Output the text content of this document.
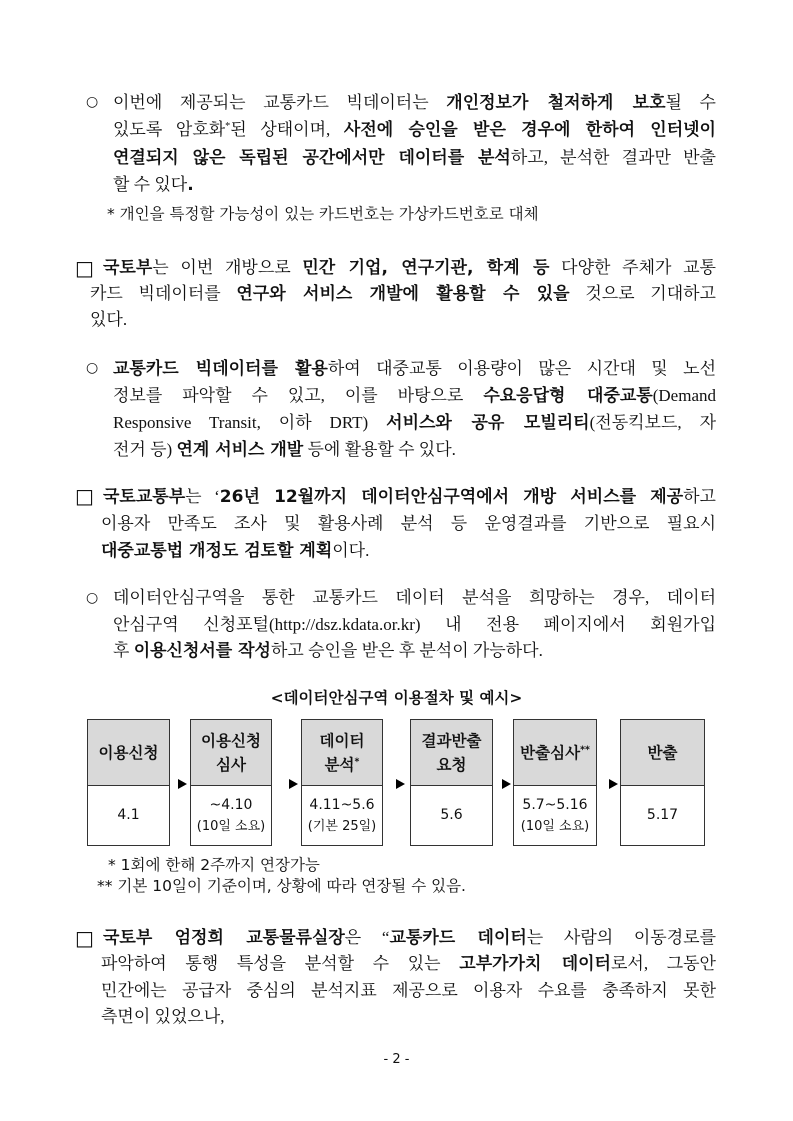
○ 이번에 제공되는 교통카드 빅데이터는 개인정보가 철저하게 보호될 수
있도록 암호화*된 상태이며, 사전에 승인을 받은 경우에 한하여 인터넷이
연결되지 않은 독립된 공간에서만 데이터를 분석하고, 분석한 결과만 반출
할 수 있다.
□ 국토부는 이번 개방으로 민간 기업, 연구기관, 학계 등 다양한 주체가 교통
카드 빅데이터를 연구와 서비스 개발에 활용할 수 있을 것으로 기대하고
있다.
○ 교통카드 빅데이터를 활용하여 대중교통 이용량이 많은 시간대 및 노선
정보를 파악할 수 있고, 이를 바탕으로 수요응답형 대중교통(Demand
Responsive Transit, 이하 DRT) 서비스와 공유 모빌리티(전동킥보드, 자
전거 등) 연계 서비스 개발 등에 활용할 수 있다.
□ 국토교통부는 ‘26년 12월까지 데이터안심구역에서 개방 서비스를 제공하고
이용자 만족도 조사 및 활용사례 분석 등 운영결과를 기반으로 필요시
대중교통법 개정도 검토할 계획이다.
○ 데이터안심구역을 통한 교통카드 데이터 분석을 희망하는 경우, 데이터
안심구역 신청포털(http://dsz.kdata.or.kr) 내 전용 페이지에서 회원가입
후 이용신청서를 작성하고 승인을 받은 후 분석이 가능하다.
□ 국토부 엄정희 교통물류실장은 “교통카드 데이터는 사람의 이동경로를
파악하여 통행 특성을 분석할 수 있는 고부가가치 데이터로서, 그동안
민간에는 공급자 중심의 분석지표 제공으로 이용자 수요를 충족하지 못한
측면이 있었으나,
* 개인을 특정할 가능성이 있는 카드번호는 가상카드번호로 대체
<데이터안심구역 이용절차 및 예시>
이용신청
4.1
이용신청
심사
~4.10
(10일 소요)
데이터
분석*
4.11~5.6
(기본 25일)
결과반출
요청
5.6
반출심사**
5.7~5.16
(10일 소요)
반출
5.17
* 1회에 한해 2주까지 연장가능
** 기본 10일이 기준이며, 상황에 따라 연장될 수 있음.
- 2 -
